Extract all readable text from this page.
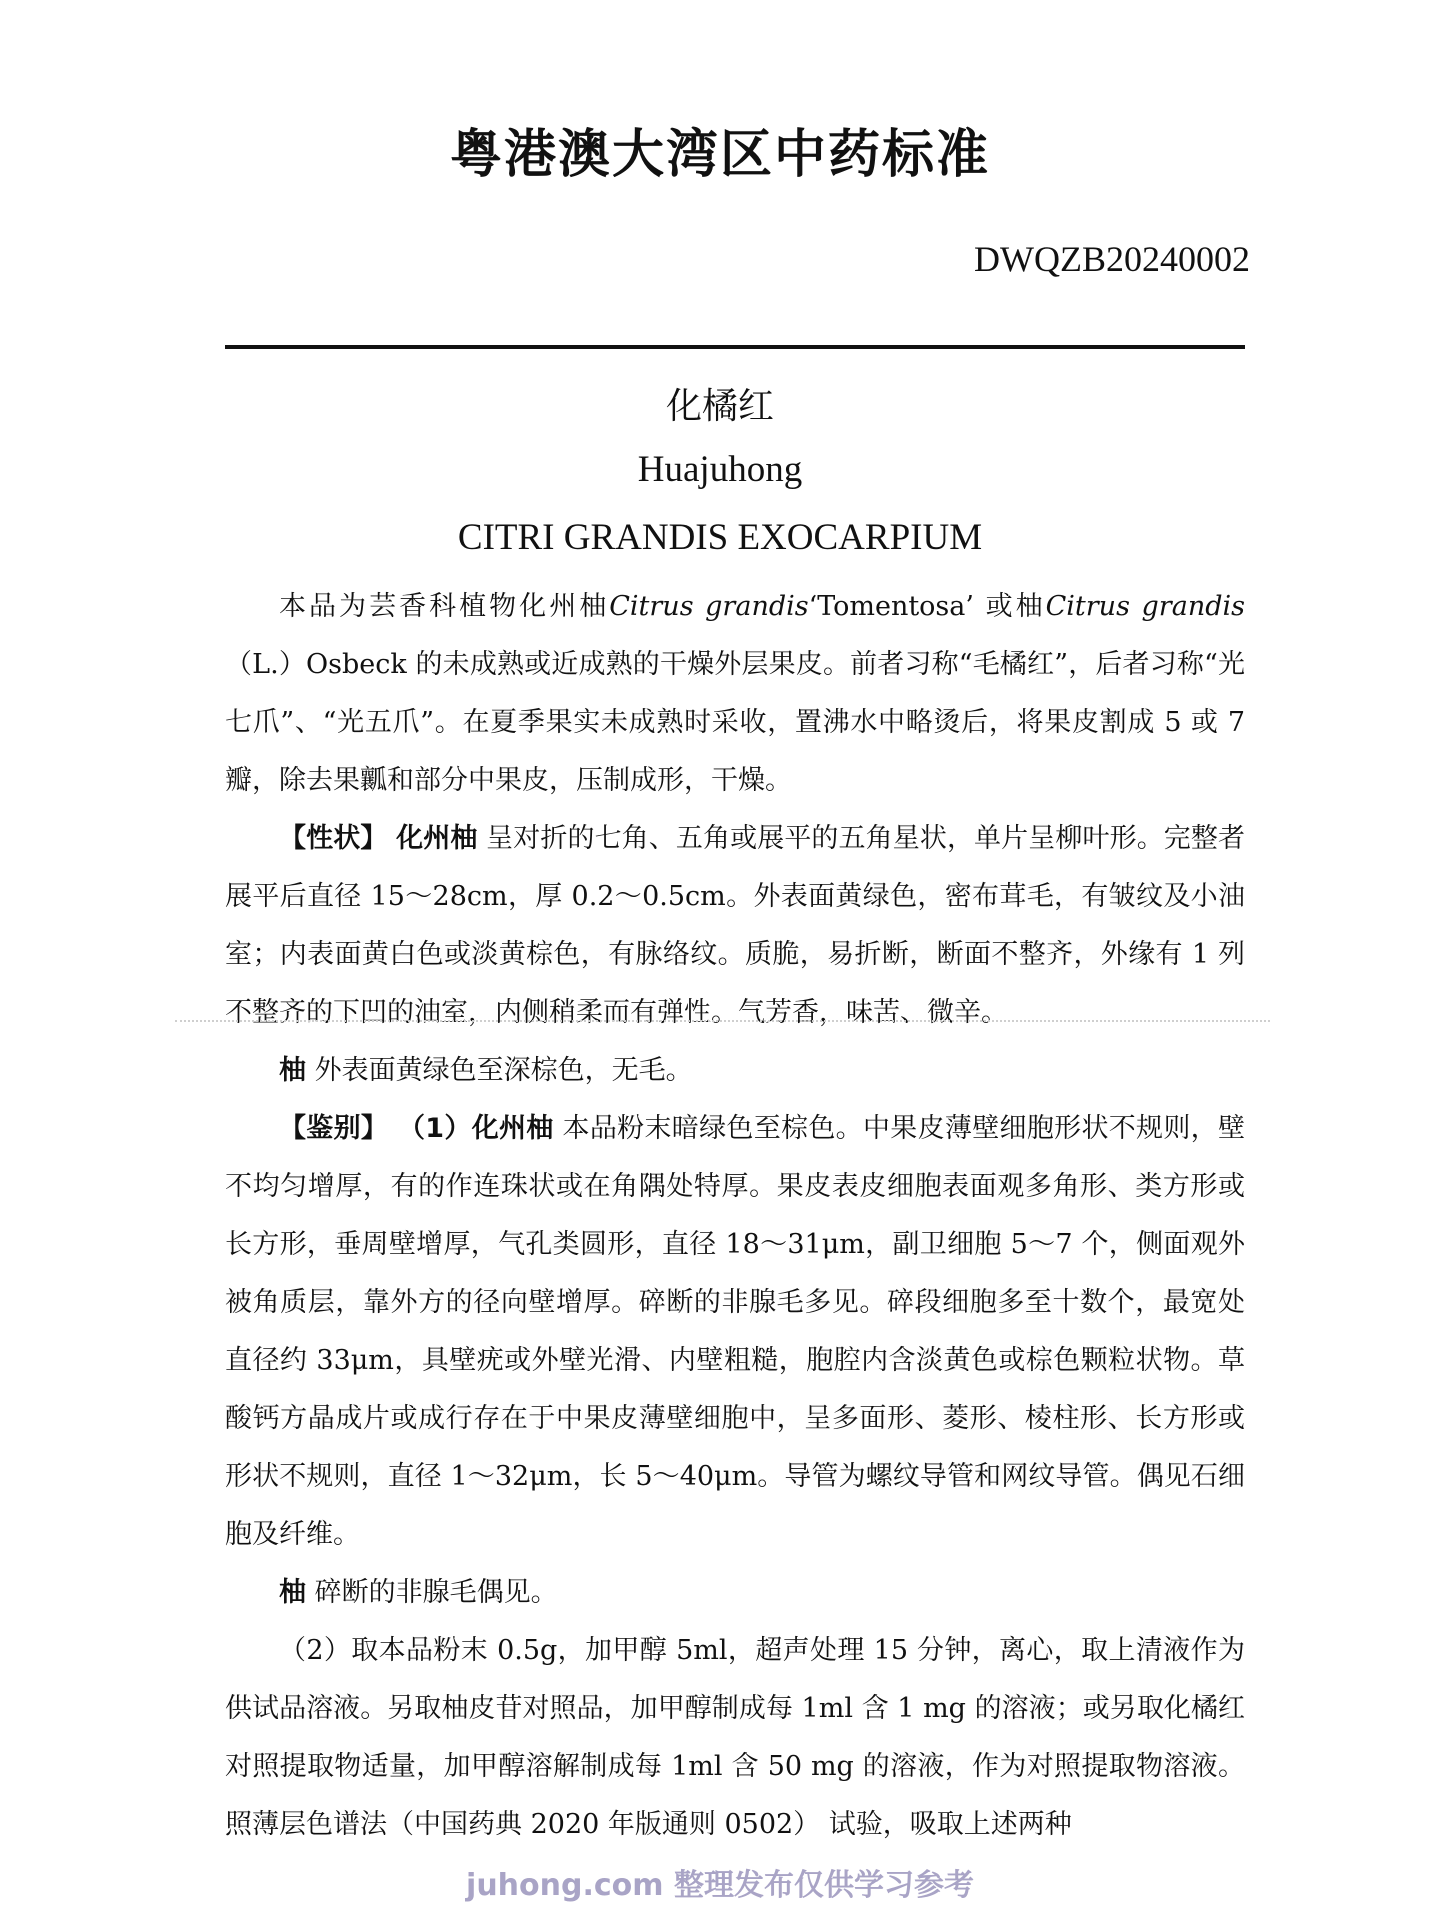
粤港澳大湾区中药标准
DWQZB20240002
化橘红
Huajuhong
CITRI GRANDIS EXOCARPIUM

本品为芸香科植物化州柚Citrus grandis‘Tomentosa’ 或柚Citrus grandis（L.）Osbeck 的未成熟或近成熟的干燥外层果皮。前者习称“毛橘红”，后者习称“光七爪”、“光五爪”。在夏季果实未成熟时采收，置沸水中略烫后，将果皮割成 5 或 7 瓣，除去果瓤和部分中果皮，压制成形，干燥。

【性状】 化州柚 呈对折的七角、五角或展平的五角星状，单片呈柳叶形。完整者展平后直径 15～28cm，厚 0.2～0.5cm。外表面黄绿色，密布茸毛，有皱纹及小油室；内表面黄白色或淡黄棕色，有脉络纹。质脆，易折断，断面不整齐，外缘有 1 列不整齐的下凹的油室，内侧稍柔而有弹性。气芳香，味苦、微辛。

柚 外表面黄绿色至深棕色，无毛。

【鉴别】 （1）化州柚 本品粉末暗绿色至棕色。中果皮薄壁细胞形状不规则，壁不均匀增厚，有的作连珠状或在角隅处特厚。果皮表皮细胞表面观多角形、类方形或长方形，垂周壁增厚，气孔类圆形，直径 18～31μm，副卫细胞 5～7 个，侧面观外被角质层，靠外方的径向壁增厚。碎断的非腺毛多见。碎段细胞多至十数个，最宽处直径约 33μm，具壁疣或外壁光滑、内壁粗糙，胞腔内含淡黄色或棕色颗粒状物。草酸钙方晶成片或成行存在于中果皮薄壁细胞中，呈多面形、菱形、棱柱形、长方形或形状不规则，直径 1～32μm，长 5～40μm。导管为螺纹导管和网纹导管。偶见石细胞及纤维。

柚 碎断的非腺毛偶见。

（2）取本品粉末 0.5g，加甲醇 5ml，超声处理 15 分钟，离心，取上清液作为供试品溶液。另取柚皮苷对照品，加甲醇制成每 1ml 含 1 mg 的溶液；或另取化橘红对照提取物适量，加甲醇溶解制成每 1ml 含 50 mg 的溶液，作为对照提取物溶液。照薄层色谱法（中国药典 2020 年版通则 0502） 试验，吸取上述两种

juhong.com 整理发布仅供学习参考
